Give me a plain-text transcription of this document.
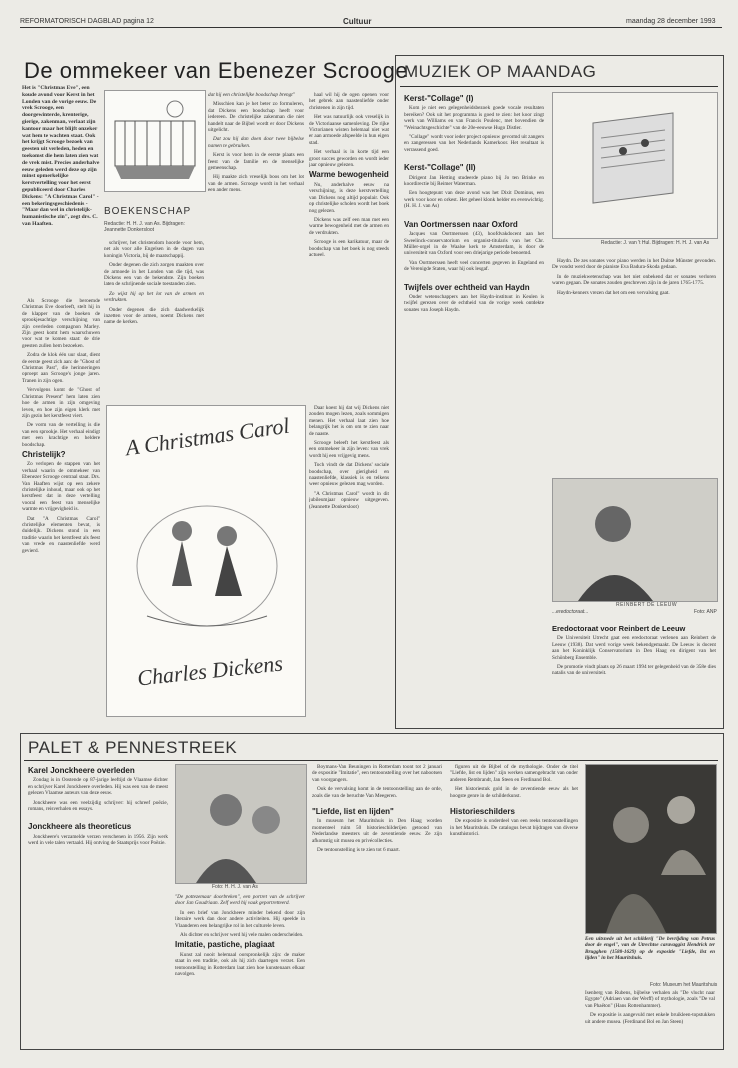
REFORMATORISCH DAGBLAD pagina 12	Cultuur	maandag 28 december 1993
De ommekeer van Ebenezer Scrooge
Het is "Christmas Eve", een koude avond voor Kerst in het Londen van de vorige eeuw. De vrek Scrooge, een doorgewinterde, krenterige, gierige, zakenman, verlaat zijn kantoor maar het blijft onzeker wat hem te wachten staat. Ook het krijgt Scrooge bezoek van geesten uit verleden, heden en toekomst die hem laten zien wat de vrek mist. Precies anderhalve eeuw geleden werd deze op zijn minst opmerkelijke kerstvertelling voor het eerst gepubliceerd door Charles Dickens: "A Christmas Carol" - een bekeringsgeschiedenis - "Maar dan wel in christelijk-humanistische zin", zegt drs. C. van Haaften.
BOEKENSCHAP
Redactie: H. H. J. van As. Bijdragen: Jeannette Donkersloot

Als Scrooge die beroemde Christmas Eve doorleeft, stelt hij in de klapper van de boeken de sprookjesachtige verschijning van zijn overleden compagnon Marley. Zijn geest komt hem waarschuwen voor wat te komen staat: de drie geesten zullen hem bezoeken.

Zodra de klok één uur slaat, dient de eerste geest zich aan: de "Ghost of Christmas Past", die herinneringen oproept aan Scrooge's jonge jaren. Tranen in zijn ogen.

Vervolgens komt de "Ghost of Christmas Present" hem laten zien hoe de armen in zijn omgeving leven, en hoe zijn eigen klerk met zijn gezin het kerstfeest viert.

De vorm van de vertelling is die van een sprookje. Het verhaal eindigt met een krachtige en heldere boodschap.

Christelijk?

Zo verlopen de stappen van het verhaal waarin de ommekeer van Ebenezer Scrooge centraal staat. Drs. Van Haaften wijst op een zekere christelijke inhoud, maar ook op het kerstfeest dat in deze vertelling vooral een feest van menselijke warmte en vrijgevigheid is.

Dat "A Christmas Carol" christelijke elementen bevat, is duidelijk. Dickens stond in een traditie waarin het kerstfeest als feest van vrede en naastenliefde werd gevierd.

schrijver, het christendom hoorde voor hem, net als voor alle Engelsen in de dagen van koningin Victoria, bij de maatschappij.

Onder degenen die zich zorgen maakten over de armoede in het Londen van die tijd, was Dickens een van de bekendste. Zijn boeken laten de schrijnende sociale toestanden zien.

Zo wijst hij op het lot van de armen en verdrukten.

Onder degenen die zich daadwerkelijk inzetten voor de armen, noemt Dickens met name de kerken.

dat hij een christelijke boodschap brengt"

Misschien kan je het beter zo formuleren, dat Dickens een boodschap heeft voor iedereen. De christelijke zakenman die niet handelt naar de Bijbel wordt er door Dickens uitgelicht.

Dat zou hij dan doen door twee bijbelse namen te gebruiken.

Kerst is voor hem in de eerste plaats een feest van de familie en de menselijke gemeenschap.

Hij maakte zich vreselijk boos om het lot van de armen. Scrooge wordt in het verhaal een ander mens.

haal wil hij de ogen openen voor het gebrek aan naastenliefde onder christenen in zijn tijd.

Het was natuurlijk ook vreselijk in de Victoriaanse samenleving. De rijke Victorianen wisten helemaal niet wat er aan armoede afspeelde in hun eigen stad.

Het verhaal is in korte tijd een groot succes geworden en wordt ieder jaar opnieuw gelezen.

Warme bewogenheid

Nu, anderhalve eeuw na verschijning, is deze kerstvertelling van Dickens nog altijd populair. Ook op christelijke scholen wordt het boek nog gelezen.

Dickens was zelf een man met een warme bewogenheid met de armen en de verdrukten.

Scrooge is een karikatuur, maar de boodschap van het boek is nog steeds actueel.

A Christmas Carol
Charles Dickens

Daar koest hij dat wij Dickens niet zouden mogen lezen, zoals sommigen menen. Het verhaal laat zien hoe belangrijk het is om om te zien naar de naaste.

Scrooge beleeft het kerstfeest als een ommekeer in zijn leven: van vrek wordt hij een vrijgevig mens.

Toch vindt de dat Dickens' sociale boodschap, over gierigheid en naastenliefde, klassiek is en telkens weer opnieuw gelezen mag worden.

"A Christmas Carol" wordt in dit jubileumjaar opnieuw uitgegeven. (Jeannette Donkersloot)

MUZIEK OP MAANDAG
Kerst-"Collage" (I)

Kom je niet een gelegenheidsbezoek goede vocale resultaten bereiken? Ook uit het programma is goed te zien: het koor zingt werk van Williams en van Francis Poulenc, met bovendien de "Weinachtsgeschichte" van de 20e-eeuwse Hugo Distler.

"Collage" wordt voor ieder project opnieuw gevormd uit zangers en zangeressen van het Nederlands Kamerkoor. Het resultaat is verrassend goed.

Kerst-"Collage" (II)

Dirigent Jan Hetting studeerde piano bij Jo ten Brinke en koordirectie bij Reimer Waterman.

Een hoogtepunt van deze avond was het Dixit Dominus, een werk voor koor en orkest. Het geheel klonk helder en evenwichtig. (H. H. J. van As)

Van Oortmerssen naar Oxford

Jacques van Oortmerssen (43), hoofdvakdocent aan het Sweelinck-conservatorium en organist-titularis van het Chr. Müller-orgel in de Waalse kerk te Amsterdam, is door de universiteit van Oxford voor een driejarige periode benoemd.

Van Oortmerssen heeft veel concerten gegeven in Engeland en de Verenigde Staten, waar hij ook lesgaf.

Twijfels over echtheid van Haydn

Onder wetenschappers aan het Haydn-instituut in Keulen is twijfel gerezen over de echtheid van de vorige week ontdekte sonates van Joseph Haydn.

Redactie: J. van 't Hul. Bijdragen: H. H. J. van As

Haydn. De zes sonates voor piano werden in het Duitse Münster gevonden. De vondst werd door de pianiste Eva Badura-Skoda gedaan.

In de muziekwetenschap was het niet onbekend dat er sonates verloren waren gegaan. De sonates zouden geschreven zijn in de jaren 1765-1775.

Haydn-kenners vrezen dat het om een vervalsing gaat.

REINBERT DE LEEUW
...eredoctoraat...	Foto: ANP
Eredoctoraat voor Reinbert de Leeuw

De Universiteit Utrecht gaat een eredoctoraat verlenen aan Reinbert de Leeuw (1938). Dat werd vorige week bekendgemaakt. De Leeuw is docent aan het Koninklijk Conservatorium in Den Haag en dirigent van het Schönberg Ensemble.

De promotie vindt plaats op 26 maart 1994 ter gelegenheid van de 358e dies natalis van de universiteit.

PALET & PENNESTREEK
Karel Jonckheere overleden

Zondag is in Oostende op 87-jarige leeftijd de Vlaamse dichter en schrijver Karel Jonckheere overleden. Hij was een van de meest gelezen Vlaamse auteurs van deze eeuw.

Jonckheere was een veelzijdig schrijver: hij schreef poëzie, romans, reisverhalen en essays.

Jonckheere als theoreticus

Jonckheere's verzamelde verzen verschenen in 1956. Zijn werk werd in vele talen vertaald. Hij ontving de Staatsprijs voor Poëzie.

Foto: H. H. J. van As

"De pottezemaar doorbreken", een portret van de schrijver door Jan Goudriaan. Zelf werd hij vaak geportretteerd.

In een brief van Jonckheere minder bekend door zijn literaire werk dan door andere activiteiten. Hij speelde in Vlaanderen een belangrijke rol in het culturele leven.

Als dichter en schrijver werd hij vele malen onderscheiden.

Imitatie, pastiche, plagiaat

Kunst zal nooit helemaal oorspronkelijk zijn: de maker staat in een traditie, ook als hij zich daartegen verzet. Een tentoonstelling in Rotterdam laat zien hoe kunstenaars elkaar navolgen.

Boymans-Van Beuningen in Rotterdam toont tot 2 januari de expositie "Imitatie", een tentoonstelling over het nabootsen van voorgangers.

Ook de vervalsing komt in de tentoonstelling aan de orde, zoals die van de beruchte Van Meegeren.

"Liefde, list en lijden"

In museum het Mauritshuis in Den Haag worden momenteel ruim 50 historieschilderijen getoond van Nederlandse meesters uit de zeventiende eeuw. Ze zijn afkomstig uit musea en privécollecties.

De tentoonstelling is te zien tot 6 maart.

figuren uit de Bijbel of de mythologie. Onder de titel "Liefde, list en lijden" zijn werken samengebracht van onder anderen Rembrandt, Jan Steen en Ferdinand Bol.

Het historiestuk gold in de zeventiende eeuw als het hoogste genre in de schilderkunst.

Historieschilders

De expositie is onderdeel van een reeks tentoonstellingen in het Mauritshuis. De catalogus bevat bijdragen van diverse kunsthistorici.

Een uitsnede uit het schilderij "De bevrijding van Petrus door de engel", van de Utrechtse caravaggist Hendrick ter Brugghen (1588-1629) op de expositie "Liefde, list en lijden" in het Mauritshuis.

Foto: Museum het Mauritshuis

Isenberg van Rubens, bijbelse verhalen als "De vlucht naar Egypte" (Adriaen van der Werff) of mythologie, zoals "De val van Phaëton" (Hans Rottenhammer).

De expositie is aangevuld met enkele bruikleen-topstukken uit andere musea. (Ferdinand Bol en Jan Steen)
